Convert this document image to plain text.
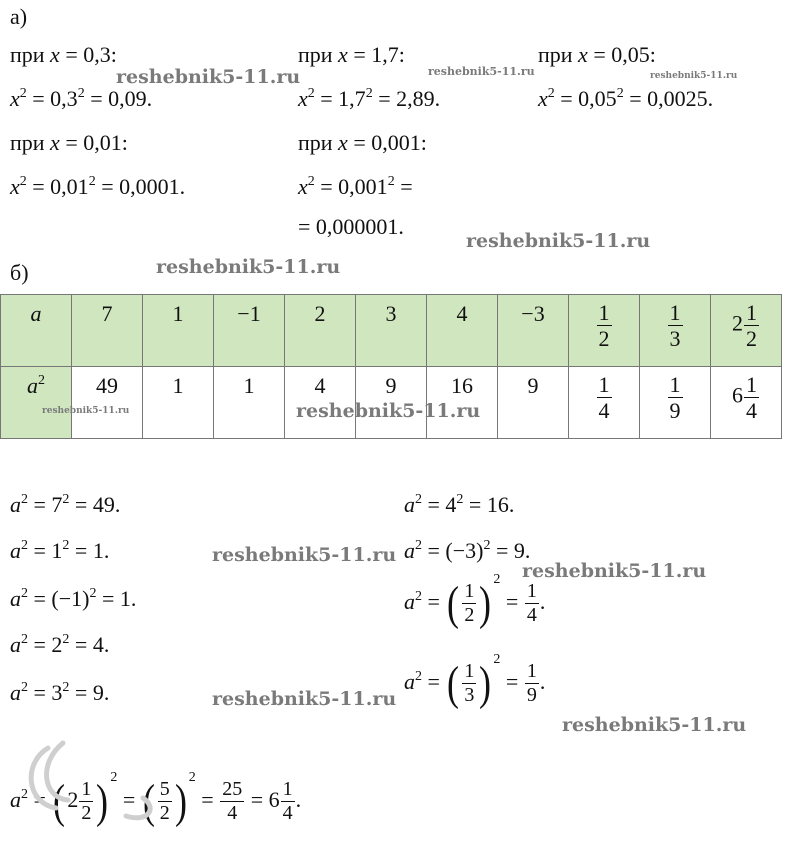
а)
при x = 0,3:
$x^2 = 0,3^2 = 0,09$.
при x = 1,7:
$x^2 = 1,7^2 = 2,89$.
при x = 0,05:
$x^2 = 0,05^2 = 0,0025$.
при x = 0,01:
$x^2 = 0,01^2 = 0,0001$.
при x = 0,001:
$x^2 = 0,001^2$ =
= 0,000001.
б)
a	7	1	−1	2	3	4	−3	$\frac{1}{2}$	$\frac{1}{3}$	$2 \frac{1}{2}$

$a^2$	49	1	1	4	9	16	9	$\frac{1}{4}$	$\frac{1}{9}$	$6 \frac{1}{4}$
$a^2 = 7^2 = 49$.
$a^2 = 1^2 = 1$.
$a^2 = (-1)^2 = 1$.
$a^2 = 2^2 = 4$.
$a^2 = 3^2 = 9$.
$a^2 = 4^2 = 16$.
$a^2 = (-3)^2 = 9$.
$a^2$ = ( $\frac{1}{2}$ ) $^2 = \frac{1}{4}$ .
$a^2$ = ( $\frac{1}{3}$ ) $^2 = \frac{1}{9}$ .
$a^2 = (2 \frac{1}{2}$ ) $^2$ = ( $\frac{5}{2}$ ) $^2 = \frac{25}{4} = 6 \frac{1}{4}$ .
reshebnik5-11.ru	reshebnik5-11.ru	reshebnik5-11.ru
reshebnik5-11.ru
reshebnik5-11.ru
reshebnik5-11.ru	reshebnik5-11.ru
reshebnik5-11.ru
reshebnik5-11.ru
reshebnik5-11.ru
reshebnik5-11.ru
